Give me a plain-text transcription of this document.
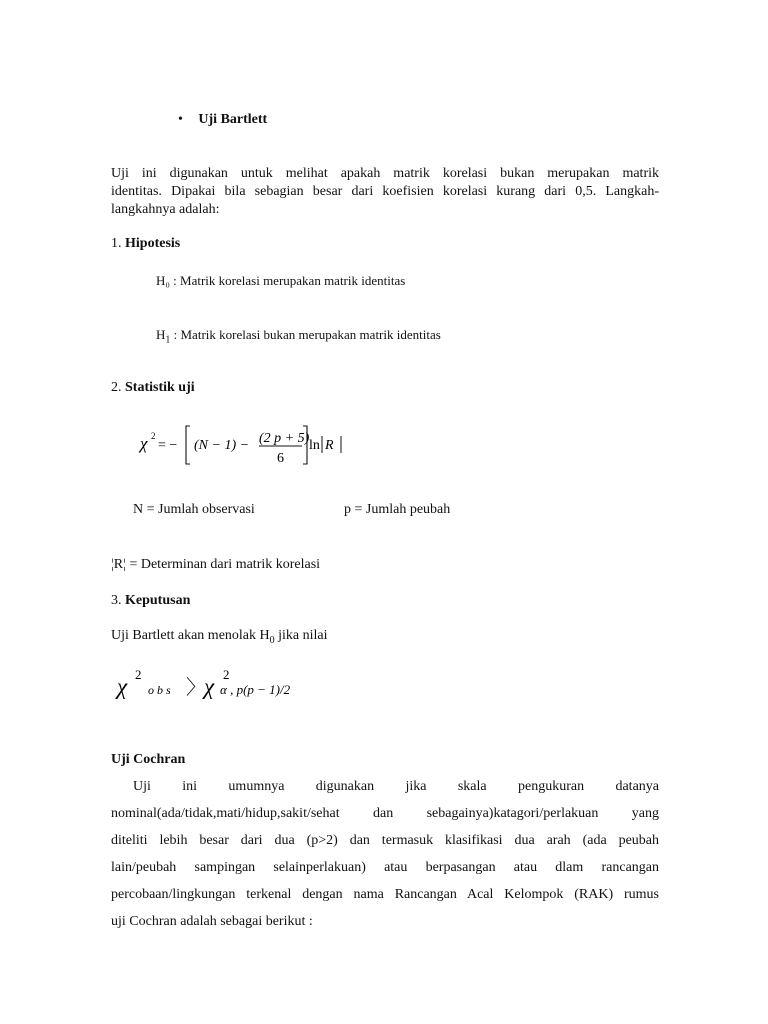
• Uji Bartlett
Uji ini digunakan untuk melihat apakah matrik korelasi bukan merupakan matrik
identitas. Dipakai bila sebagian besar dari koefisien korelasi kurang dari 0,5. Langkah-
langkahnya adalah:
1. Hipotesis
H₀ : Matrik korelasi merupakan matrik identitas
$H_1$ : Matrik korelasi bukan merupakan matrik identitas
2. Statistik uji
χ 2
= − (N − 1) − (2 p + 5)
6
ln R
N = Jumlah observasi	p = Jumlah peubah
¦R¦ = Determinan dari matrik korelasi
3. Keputusan
Uji Bartlett akan menolak $H_0$ jika nilai
χ 2
o b s 〉
χ 2
α , p(p − 1)/2
Uji Cochran
Uji ini umumnya digunakan jika skala pengukuran datanya
nominal(ada/tidak,mati/hidup,sakit/sehat dan sebagainya)katagori/perlakuan yang
diteliti lebih besar dari dua (p>2) dan termasuk klasifikasi dua arah (ada peubah
lain/peubah sampingan selainperlakuan) atau berpasangan atau dlam rancangan
percobaan/lingkungan terkenal dengan nama Rancangan Acal Kelompok (RAK) rumus
uji Cochran adalah sebagai berikut :
